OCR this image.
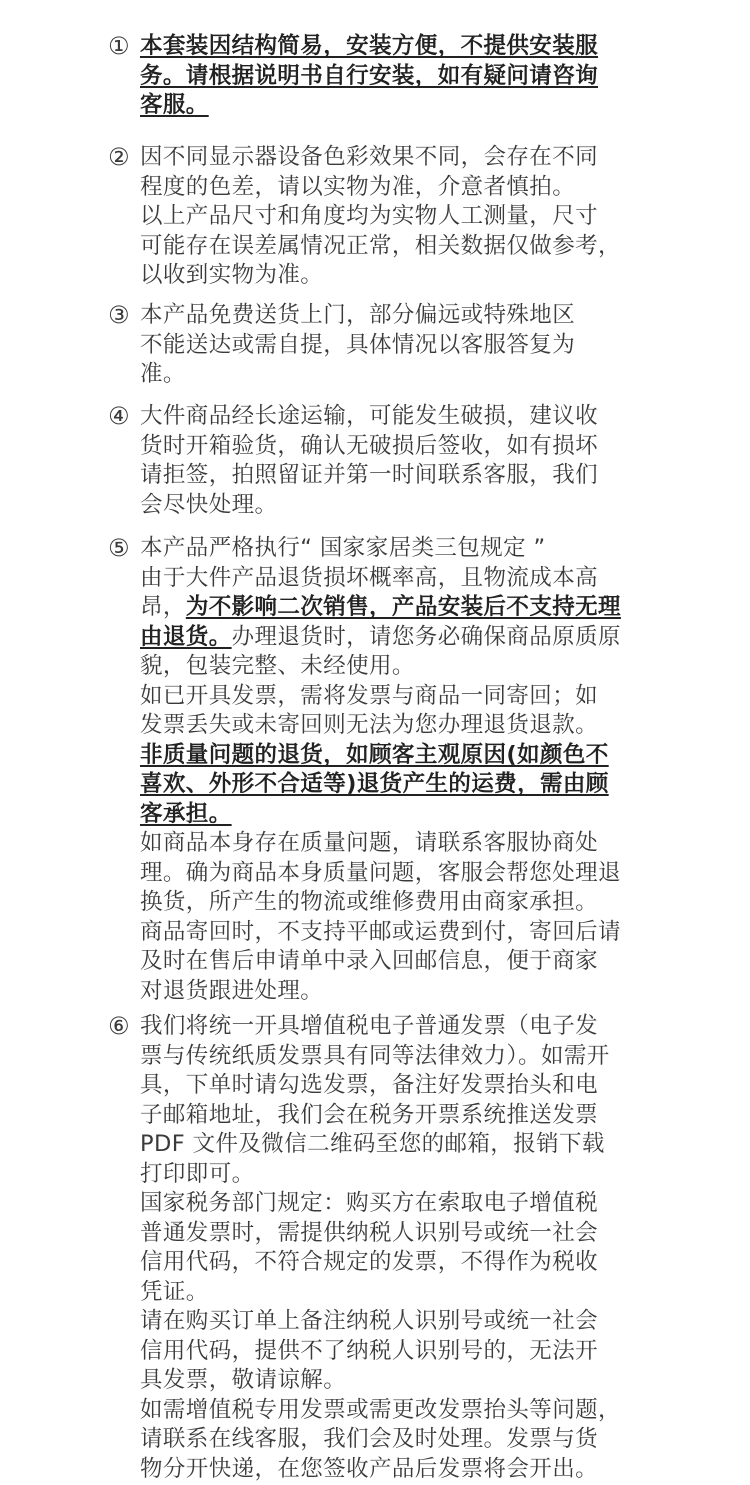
① 本套装因结构简易，安装方便，不提供安装服
务。请根据说明书自行安装，如有疑问请咨询
客服。
② 因不同显示器设备色彩效果不同，会存在不同
程度的色差，请以实物为准，介意者慎拍。
以上产品尺寸和角度均为实物人工测量，尺寸
可能存在误差属情况正常，相关数据仅做参考，
以收到实物为准。
③ 本产品免费送货上门，部分偏远或特殊地区
不能送达或需自提，具体情况以客服答复为
准。
④ 大件商品经长途运输，可能发生破损，建议收
货时开箱验货，确认无破损后签收，如有损坏
请拒签，拍照留证并第一时间联系客服，我们
会尽快处理。
⑤ 本产品严格执行“ 国家家居类三包规定 ”
由于大件产品退货损坏概率高，且物流成本高
昂，为不影响二次销售，产品安装后不支持无理
由退货。办理退货时，请您务必确保商品原质原
貌，包装完整、未经使用。
如已开具发票，需将发票与商品一同寄回；如
发票丢失或未寄回则无法为您办理退货退款。
非质量问题的退货，如顾客主观原因(如颜色不
喜欢、外形不合适等)退货产生的运费，需由顾
客承担。
如商品本身存在质量问题，请联系客服协商处
理。确为商品本身质量问题，客服会帮您处理退
换货，所产生的物流或维修费用由商家承担。
商品寄回时，不支持平邮或运费到付，寄回后请
及时在售后申请单中录入回邮信息，便于商家
对退货跟进处理。
⑥ 我们将统一开具增值税电子普通发票（电子发
票与传统纸质发票具有同等法律效力）。如需开
具，下单时请勾选发票，备注好发票抬头和电
子邮箱地址，我们会在税务开票系统推送发票
PDF 文件及微信二维码至您的邮箱，报销下载
打印即可。
国家税务部门规定：购买方在索取电子增值税
普通发票时，需提供纳税人识别号或统一社会
信用代码，不符合规定的发票，不得作为税收
凭证。
请在购买订单上备注纳税人识别号或统一社会
信用代码，提供不了纳税人识别号的，无法开
具发票，敬请谅解。
如需增值税专用发票或需更改发票抬头等问题，
请联系在线客服，我们会及时处理。发票与货
物分开快递，在您签收产品后发票将会开出。
